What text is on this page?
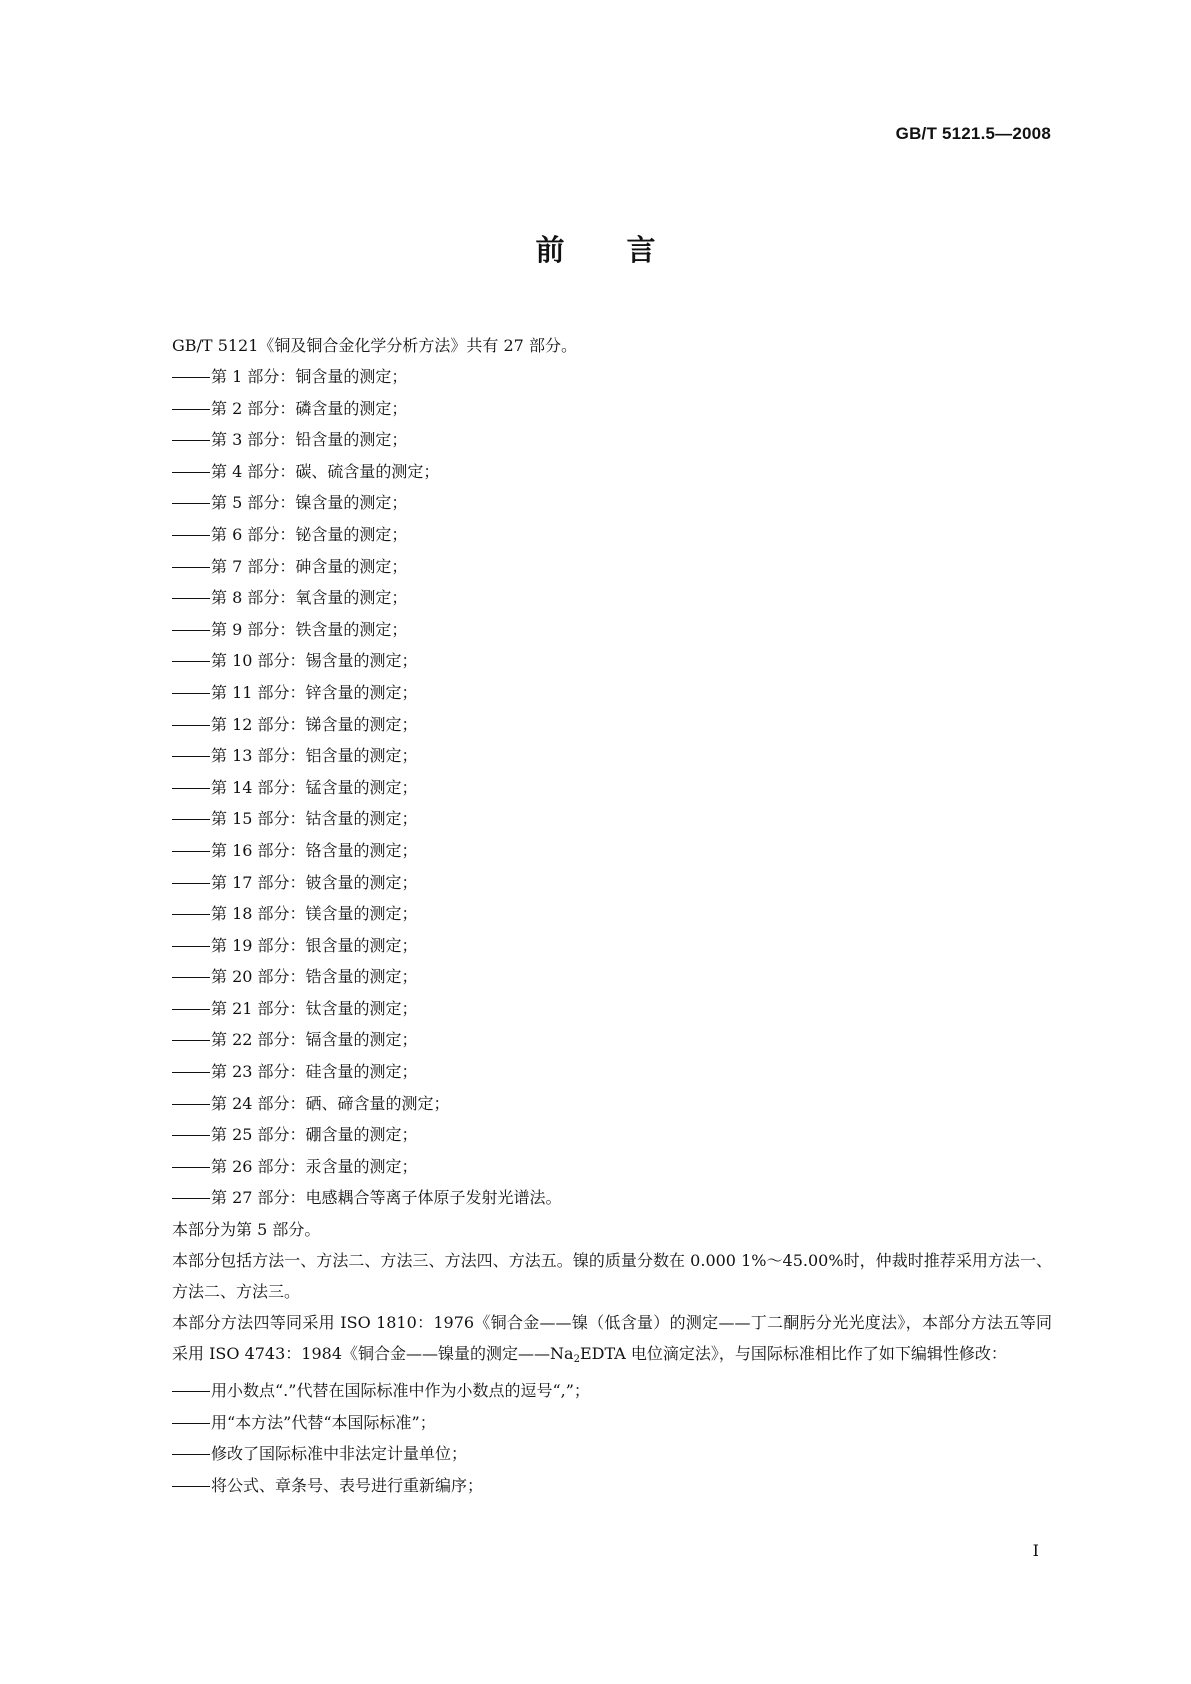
GB/T 5121.5—2008
前 言

GB/T 5121《铜及铜合金化学分析方法》共有 27 部分。

第 1 部分：铜含量的测定；

第 2 部分：磷含量的测定；

第 3 部分：铅含量的测定；

第 4 部分：碳、硫含量的测定；

第 5 部分：镍含量的测定；

第 6 部分：铋含量的测定；

第 7 部分：砷含量的测定；

第 8 部分：氧含量的测定；

第 9 部分：铁含量的测定；

第 10 部分：锡含量的测定；

第 11 部分：锌含量的测定；

第 12 部分：锑含量的测定；

第 13 部分：铝含量的测定；

第 14 部分：锰含量的测定；

第 15 部分：钴含量的测定；

第 16 部分：铬含量的测定；

第 17 部分：铍含量的测定；

第 18 部分：镁含量的测定；

第 19 部分：银含量的测定；

第 20 部分：锆含量的测定；

第 21 部分：钛含量的测定；

第 22 部分：镉含量的测定；

第 23 部分：硅含量的测定；

第 24 部分：硒、碲含量的测定；

第 25 部分：硼含量的测定；

第 26 部分：汞含量的测定；

第 27 部分：电感耦合等离子体原子发射光谱法。

本部分为第 5 部分。

本部分包括方法一、方法二、方法三、方法四、方法五。镍的质量分数在 0.000 1%～45.00%时，仲裁时推荐采用方法一、方法二、方法三。

本部分方法四等同采用 ISO 1810：1976《铜合金——镍（低含量）的测定——丁二酮肟分光光度法》，本部分方法五等同采用 ISO 4743：1984《铜合金——镍量的测定$——Na_2EDTA$ 电位滴定法》，与国际标准相比作了如下编辑性修改：

用小数点“.”代替在国际标准中作为小数点的逗号“,”；

用“本方法”代替“本国际标准”；

修改了国际标准中非法定计量单位；

将公式、章条号、表号进行重新编序；

I
